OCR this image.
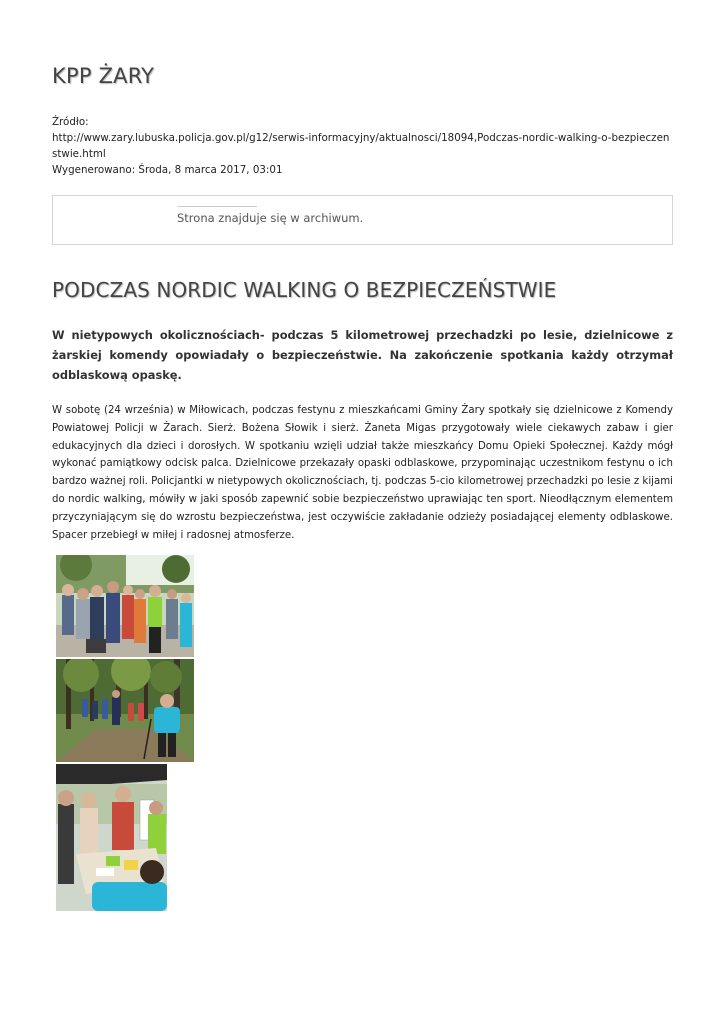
KPP ŻARY
Źródło:
http://www.zary.lubuska.policja.gov.pl/g12/serwis-informacyjny/aktualnosci/18094,Podczas-nordic-walking-o-bezpieczenstwie.html
Wygenerowano: Środa, 8 marca 2017, 03:01
Strona znajduje się w archiwum.
PODCZAS NORDIC WALKING O BEZPIECZEŃSTWIE

W nietypowych okolicznościach- podczas 5 kilometrowej przechadzki po lesie, dzielnicowe z żarskiej komendy opowiadały o bezpieczeństwie. Na zakończenie spotkania każdy otrzymał odblaskową opaskę.

W sobotę (24 września) w Miłowicach, podczas festynu z mieszkańcami Gminy Żary spotkały się dzielnicowe z Komendy Powiatowej Policji w Żarach. Sierż. Bożena Słowik i sierż. Żaneta Migas przygotowały wiele ciekawych zabaw i gier edukacyjnych dla dzieci i dorosłych. W spotkaniu wzięli udział także mieszkańcy Domu Opieki Społecznej. Każdy mógł wykonać pamiątkowy odcisk palca. Dzielnicowe przekazały opaski odblaskowe, przypominając uczestnikom festynu o ich bardzo ważnej roli. Policjantki w nietypowych okolicznościach, tj. podczas 5-cio kilometrowej przechadzki po lesie z kijami do nordic walking, mówiły w jaki sposób zapewnić sobie bezpieczeństwo uprawiając ten sport. Nieodłącznym elementem przyczyniającym się do wzrostu bezpieczeństwa, jest oczywiście zakładanie odzieży posiadającej elementy odblaskowe. Spacer przebiegł w miłej i radosnej atmosferze.
